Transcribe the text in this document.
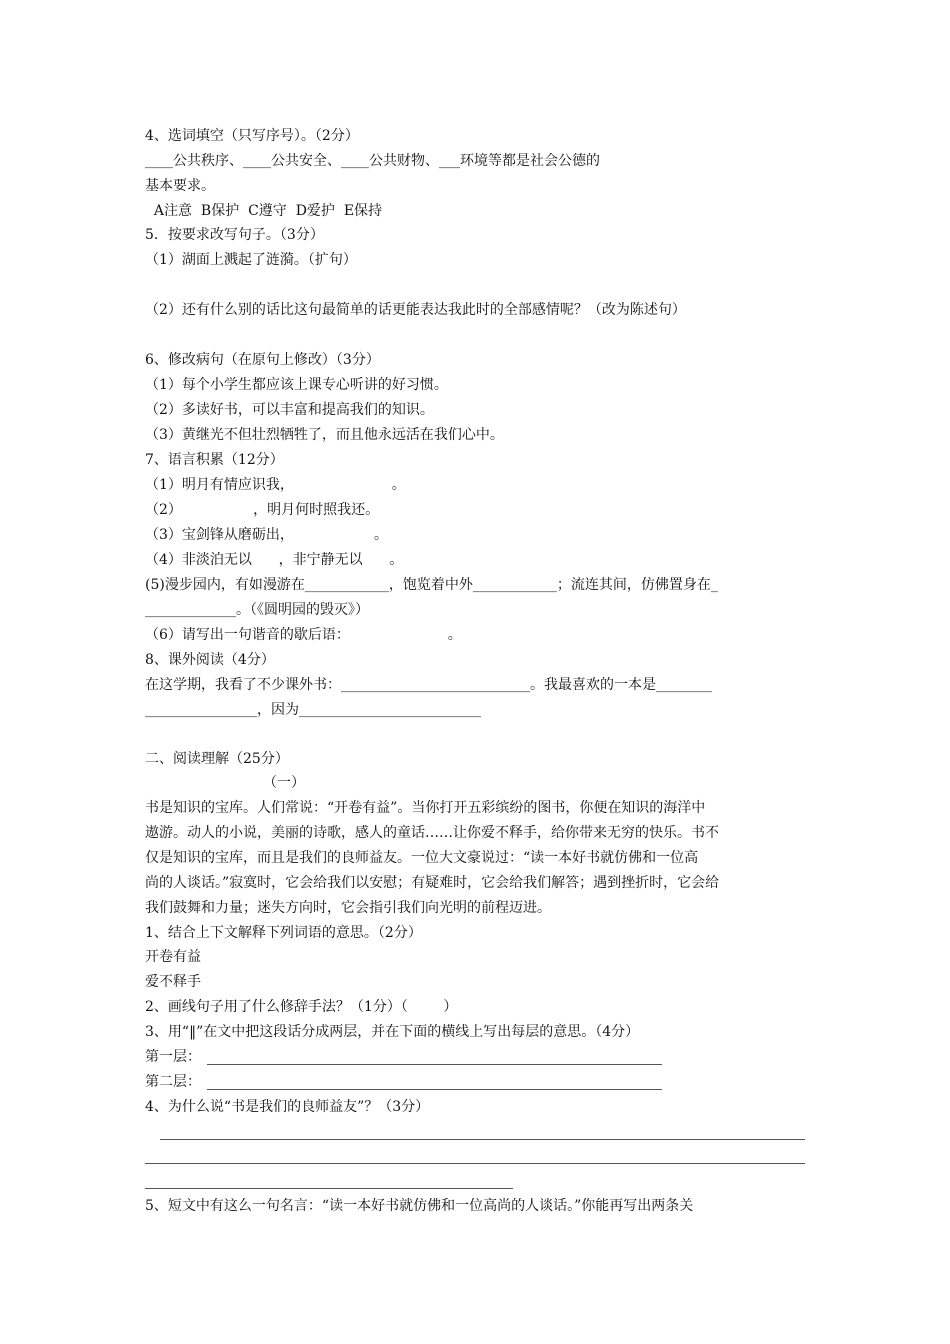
4、选词填空（只写序号）。（2分）
____公共秩序、____公共安全、____公共财物、___环境等都是社会公德的
基本要求。
A注意  B保护  C遵守  D爱护  E保持
5．按要求改写句子。（3分）
（1）湖面上溅起了涟漪。（扩句）
（2）还有什么别的话比这句最简单的话更能表达我此时的全部感情呢？（改为陈述句）
6、修改病句（在原句上修改）（3分）
（1）每个小学生都应该上课专心听讲的好习惯。
（2）多读好书，可以丰富和提高我们的知识。
（3）黄继光不但壮烈牺牲了，而且他永远活在我们心中。
7、语言积累（12分）
（1）明月有情应识我，                      。
（2）                ，明月何时照我还。
（3）宝剑锋从磨砺出，                  。
（4）非淡泊无以      ，非宁静无以      。
(5)漫步园内，有如漫游在____________，饱览着中外____________；流连其间，仿佛置身在_
_____________。（《圆明园的毁灭》）
（6）请写出一句谐音的歇后语：                      。
8、课外阅读（4分）
在这学期，我看了不少课外书：___________________________。我最喜欢的一本是________
________________，因为__________________________
二、阅读理解（25分）
（一）
书是知识的宝库。人们常说：“开卷有益”。当你打开五彩缤纷的图书，你便在知识的海洋中
遨游。动人的小说，美丽的诗歌，感人的童话……让你爱不释手，给你带来无穷的快乐。书不
仅是知识的宝库，而且是我们的良师益友。一位大文豪说过：“读一本好书就仿佛和一位高
尚的人谈话。”寂寞时，它会给我们以安慰；有疑难时，它会给我们解答；遇到挫折时，它会给
我们鼓舞和力量；迷失方向时，它会指引我们向光明的前程迈进。
1、结合上下文解释下列词语的意思。（2分）
开卷有益
爱不释手
2、画线句子用了什么修辞手法？（1分）（        ）
3、用“‖”在文中把这段话分成两层，并在下面的横线上写出每层的意思。（4分）
第一层：
第二层：
4、为什么说“书是我们的良师益友”？（3分）
5、短文中有这么一句名言：“读一本好书就仿佛和一位高尚的人谈话。”你能再写出两条关
